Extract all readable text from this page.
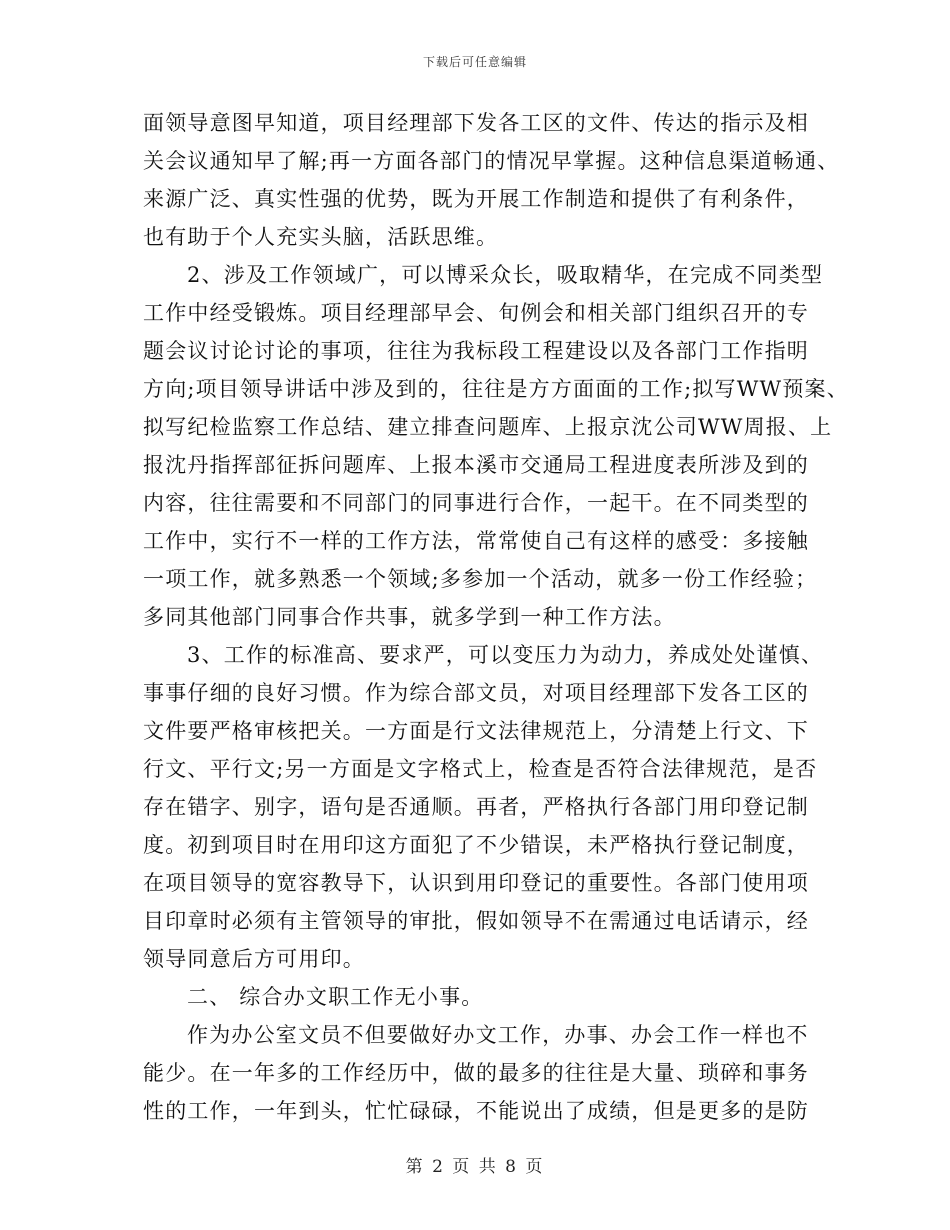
下载后可任意编辑
面领导意图早知道，项目经理部下发各工区的文件、传达的指示及相
关会议通知早了解;再一方面各部门的情况早掌握。这种信息渠道畅通、
来源广泛、真实性强的优势，既为开展工作制造和提供了有利条件，
也有助于个人充实头脑，活跃思维。
2、涉及工作领域广，可以博采众长，吸取精华，在完成不同类型
工作中经受锻炼。项目经理部早会、旬例会和相关部门组织召开的专
题会议讨论讨论的事项，往往为我标段工程建设以及各部门工作指明
方向;项目领导讲话中涉及到的，往往是方方面面的工作;拟写WW预案、
拟写纪检监察工作总结、建立排查问题库、上报京沈公司WW周报、上
报沈丹指挥部征拆问题库、上报本溪市交通局工程进度表所涉及到的
内容，往往需要和不同部门的同事进行合作，一起干。在不同类型的
工作中，实行不一样的工作方法，常常使自己有这样的感受：多接触
一项工作，就多熟悉一个领域;多参加一个活动，就多一份工作经验；
多同其他部门同事合作共事，就多学到一种工作方法。
3、工作的标准高、要求严，可以变压力为动力，养成处处谨慎、
事事仔细的良好习惯。作为综合部文员，对项目经理部下发各工区的
文件要严格审核把关。一方面是行文法律规范上，分清楚上行文、下
行文、平行文;另一方面是文字格式上，检查是否符合法律规范，是否
存在错字、别字，语句是否通顺。再者，严格执行各部门用印登记制
度。初到项目时在用印这方面犯了不少错误，未严格执行登记制度，
在项目领导的宽容教导下，认识到用印登记的重要性。各部门使用项
目印章时必须有主管领导的审批，假如领导不在需通过电话请示，经
领导同意后方可用印。
二、 综合办文职工作无小事。
作为办公室文员不但要做好办文工作，办事、办会工作一样也不
能少。在一年多的工作经历中，做的最多的往往是大量、琐碎和事务
性的工作，一年到头，忙忙碌碌，不能说出了成绩，但是更多的是防
第 2 页 共 8 页
